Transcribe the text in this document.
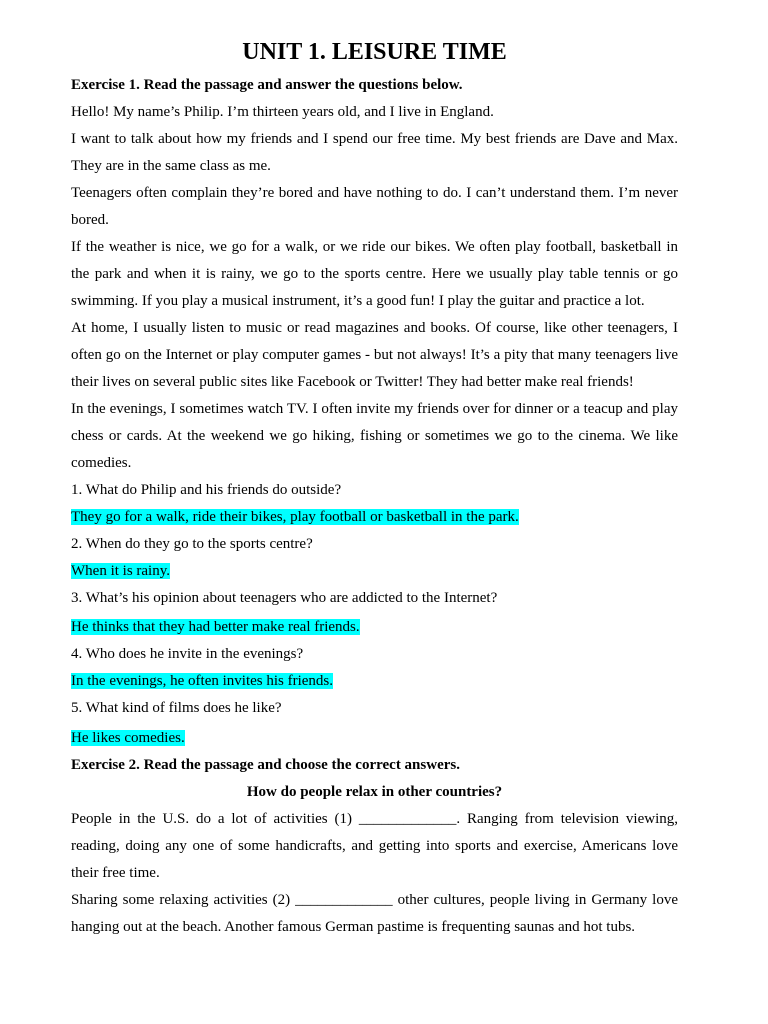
UNIT 1. LEISURE TIME
Exercise 1. Read the passage and answer the questions below.

Hello! My name’s Philip. I’m thirteen years old, and I live in England.

I want to talk about how my friends and I spend our free time. My best friends are Dave and Max. They are in the same class as me.

Teenagers often complain they’re bored and have nothing to do. I can’t understand them. I’m never bored.

If the weather is nice, we go for a walk, or we ride our bikes. We often play football, basketball in the park and when it is rainy, we go to the sports centre. Here we usually play table tennis or go swimming. If you play a musical instrument, it’s a good fun! I play the guitar and practice a lot.

At home, I usually listen to music or read magazines and books. Of course, like other teenagers, I often go on the Internet or play computer games - but not always! It’s a pity that many teenagers live their lives on several public sites like Facebook or Twitter! They had better make real friends!

In the evenings, I sometimes watch TV. I often invite my friends over for dinner or a teacup and play chess or cards. At the weekend we go hiking, fishing or sometimes we go to the cinema. We like comedies.

1. What do Philip and his friends do outside?
They go for a walk, ride their bikes, play football or basketball in the park.
2. When do they go to the sports centre?
When it is rainy.
3. What’s his opinion about teenagers who are addicted to the Internet?
He thinks that they had better make real friends.
4. Who does he invite in the evenings?
In the evenings, he often invites his friends.
5. What kind of films does he like?
He likes comedies.
Exercise 2. Read the passage and choose the correct answers.
How do people relax in other countries?

People in the U.S. do a lot of activities (1) _____________. Ranging from television viewing, reading, doing any one of some handicrafts, and getting into sports and exercise, Americans love their free time.

Sharing some relaxing activities (2) _____________ other cultures, people living in Germany love hanging out at the beach. Another famous German pastime is frequenting saunas and hot tubs.
